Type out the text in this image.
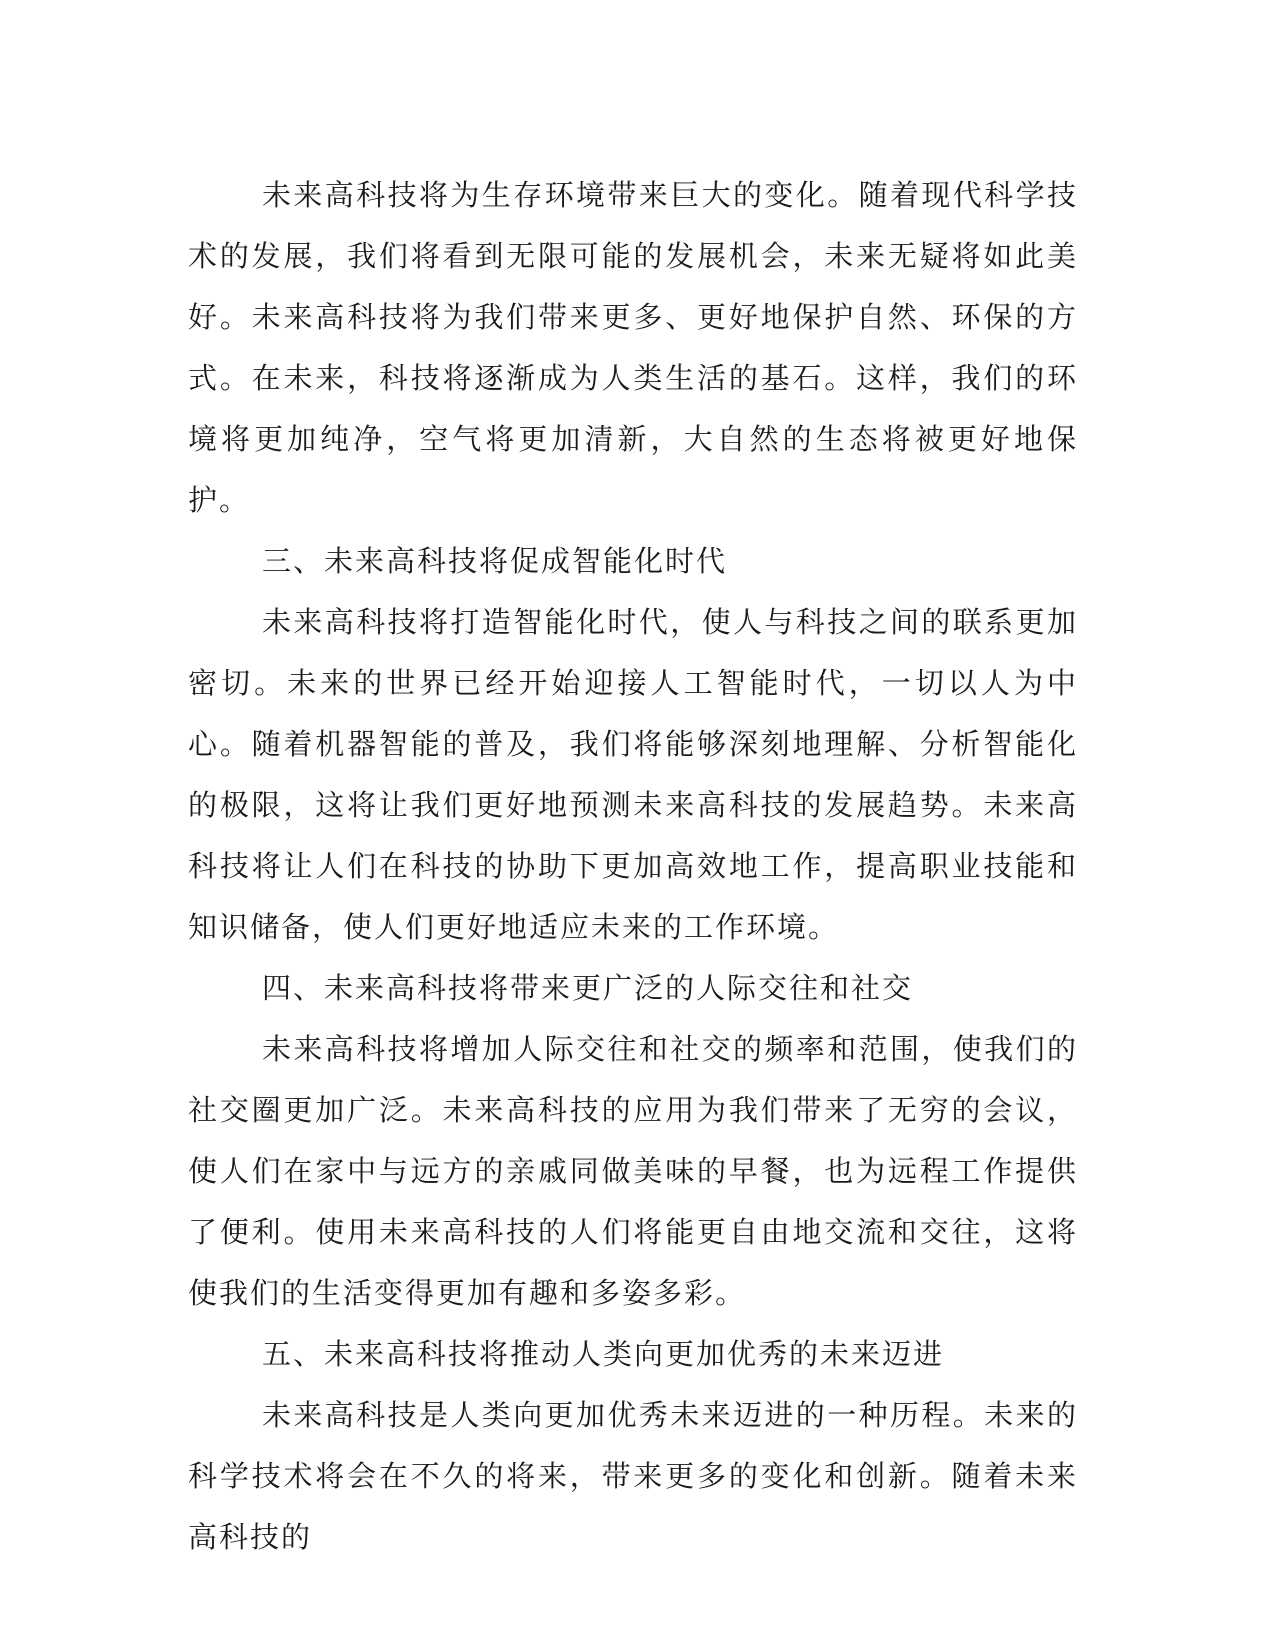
未来高科技将为生存环境带来巨大的变化。随着现代科学技术的发展，我们将看到无限可能的发展机会，未来无疑将如此美好。未来高科技将为我们带来更多、更好地保护自然、环保的方式。在未来，科技将逐渐成为人类生活的基石。这样，我们的环境将更加纯净，空气将更加清新，大自然的生态将被更好地保护。

三、未来高科技将促成智能化时代

未来高科技将打造智能化时代，使人与科技之间的联系更加密切。未来的世界已经开始迎接人工智能时代，一切以人为中心。随着机器智能的普及，我们将能够深刻地理解、分析智能化的极限，这将让我们更好地预测未来高科技的发展趋势。未来高科技将让人们在科技的协助下更加高效地工作，提高职业技能和知识储备，使人们更好地适应未来的工作环境。

四、未来高科技将带来更广泛的人际交往和社交

未来高科技将增加人际交往和社交的频率和范围，使我们的社交圈更加广泛。未来高科技的应用为我们带来了无穷的会议，使人们在家中与远方的亲戚同做美味的早餐，也为远程工作提供了便利。使用未来高科技的人们将能更自由地交流和交往，这将使我们的生活变得更加有趣和多姿多彩。

五、未来高科技将推动人类向更加优秀的未来迈进

未来高科技是人类向更加优秀未来迈进的一种历程。未来的科学技术将会在不久的将来，带来更多的变化和创新。随着未来高科技的
